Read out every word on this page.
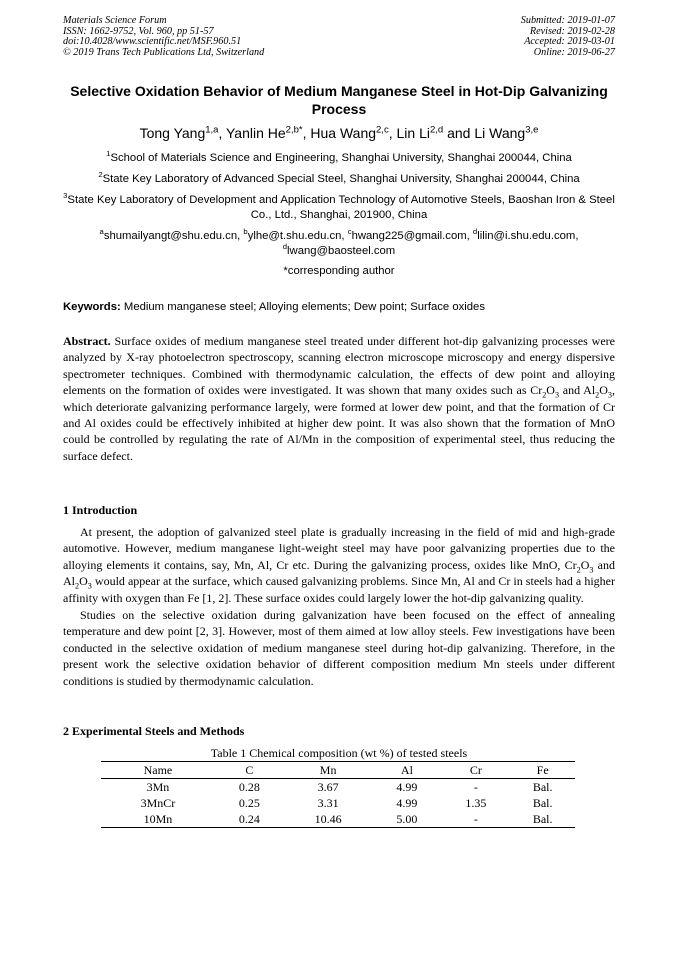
Materials Science Forum
ISSN: 1662-9752, Vol. 960, pp 51-57
doi:10.4028/www.scientific.net/MSF.960.51
© 2019 Trans Tech Publications Ltd, Switzerland
Submitted: 2019-01-07
Revised: 2019-02-28
Accepted: 2019-03-01
Online: 2019-06-27
Selective Oxidation Behavior of Medium Manganese Steel in Hot-Dip Galvanizing Process
Tong Yang$^{1,a}$, Yanlin $He^{2,b*}$, Hua Wang$^{2,c}$, Lin Li$^{2,d}$ and Li Wang$^{3,e}$
$^1$School of Materials Science and Engineering, Shanghai University, Shanghai 200044, China
$^2$State Key Laboratory of Advanced Special Steel, Shanghai University, Shanghai 200044, China
$^3$State Key Laboratory of Development and Application Technology of Automotive Steels, Baoshan Iron & Steel Co., Ltd., Shanghai, 201900, China
$^a$shumailyangt@shu.edu.cn, $^b$ylhe@t.shu.edu.cn, $^c$hwang225@gmail.com, $^d$lilin@i.shu.edu.com,
$^d$lwang@baosteel.com
*corresponding author
Keywords: Medium manganese steel; Alloying elements; Dew point; Surface oxides
Abstract. Surface oxides of medium manganese steel treated under different hot-dip galvanizing processes were analyzed by X-ray photoelectron spectroscopy, scanning electron microscope microscopy and energy dispersive spectrometer techniques. Combined with thermodynamic calculation, the effects of dew point and alloying elements on the formation of oxides were investigated. It was shown that many oxides such as $Cr_2O_3$ and $Al_2O_3$, which deteriorate galvanizing performance largely, were formed at lower dew point, and that the formation of Cr and Al oxides could be effectively inhibited at higher dew point. It was also shown that the formation of MnO could be controlled by regulating the rate of Al/Mn in the composition of experimental steel, thus reducing the surface defect.
1 Introduction
At present, the adoption of galvanized steel plate is gradually increasing in the field of mid and high-grade automotive. However, medium manganese light-weight steel may have poor galvanizing properties due to the alloying elements it contains, say, Mn, Al, Cr etc. During the galvanizing process, oxides like MnO, $Cr_2O_3$ and $Al_2O_3$ would appear at the surface, which caused galvanizing problems. Since Mn, Al and Cr in steels had a higher affinity with oxygen than Fe [1, 2]. These surface oxides could largely lower the hot-dip galvanizing quality.
Studies on the selective oxidation during galvanization have been focused on the effect of annealing temperature and dew point [2, 3]. However, most of them aimed at low alloy steels. Few investigations have been conducted in the selective oxidation of medium manganese steel during hot-dip galvanizing. Therefore, in the present work the selective oxidation behavior of different composition medium Mn steels under different conditions is studied by thermodynamic calculation.
2 Experimental Steels and Methods
Table 1 Chemical composition (wt %) of tested steels
Name	C	Mn	Al	Cr	Fe
3Mn	0.28	3.67	4.99	-	Bal.
3MnCr	0.25	3.31	4.99	1.35	Bal.
10Mn	0.24	10.46	5.00	-	Bal.
